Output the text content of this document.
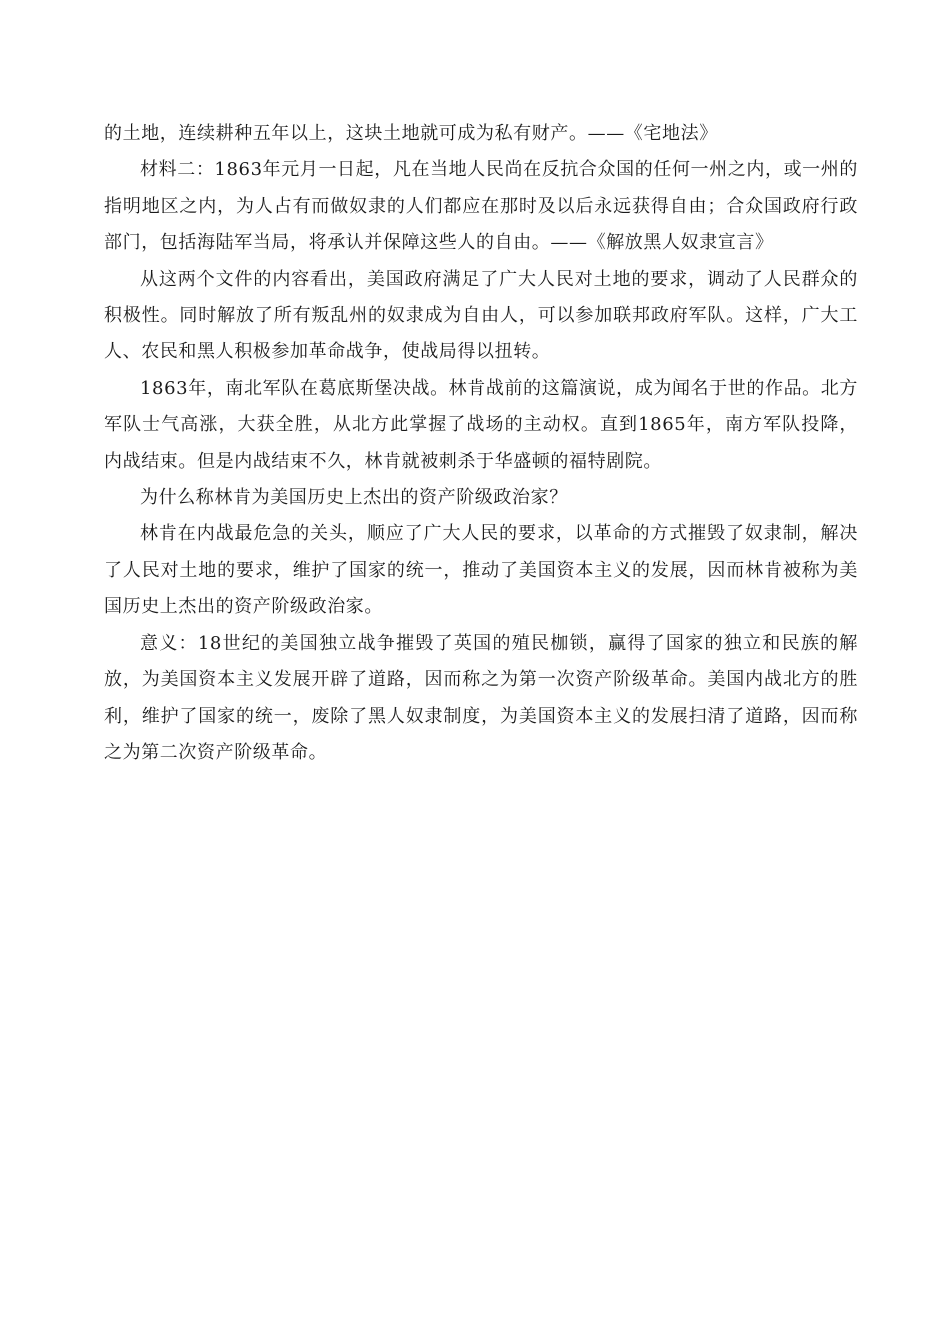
的土地，连续耕种五年以上，这块土地就可成为私有财产。——《宅地法》

材料二：1863年元月一日起，凡在当地人民尚在反抗合众国的任何一州之内，或一州的指明地区之内，为人占有而做奴隶的人们都应在那时及以后永远获得自由；合众国政府行政部门，包括海陆军当局，将承认并保障这些人的自由。——《解放黑人奴隶宣言》

从这两个文件的内容看出，美国政府满足了广大人民对土地的要求，调动了人民群众的积极性。同时解放了所有叛乱州的奴隶成为自由人，可以参加联邦政府军队。这样，广大工人、农民和黑人积极参加革命战争，使战局得以扭转。

1863年，南北军队在葛底斯堡决战。林肯战前的这篇演说，成为闻名于世的作品。北方军队士气高涨，大获全胜，从北方此掌握了战场的主动权。直到1865年，南方军队投降，内战结束。但是内战结束不久，林肯就被刺杀于华盛顿的福特剧院。

为什么称林肯为美国历史上杰出的资产阶级政治家？

林肯在内战最危急的关头，顺应了广大人民的要求，以革命的方式摧毁了奴隶制，解决了人民对土地的要求，维护了国家的统一，推动了美国资本主义的发展，因而林肯被称为美国历史上杰出的资产阶级政治家。

意义：18世纪的美国独立战争摧毁了英国的殖民枷锁，赢得了国家的独立和民族的解放，为美国资本主义发展开辟了道路，因而称之为第一次资产阶级革命。美国内战北方的胜利，维护了国家的统一，废除了黑人奴隶制度，为美国资本主义的发展扫清了道路，因而称之为第二次资产阶级革命。
